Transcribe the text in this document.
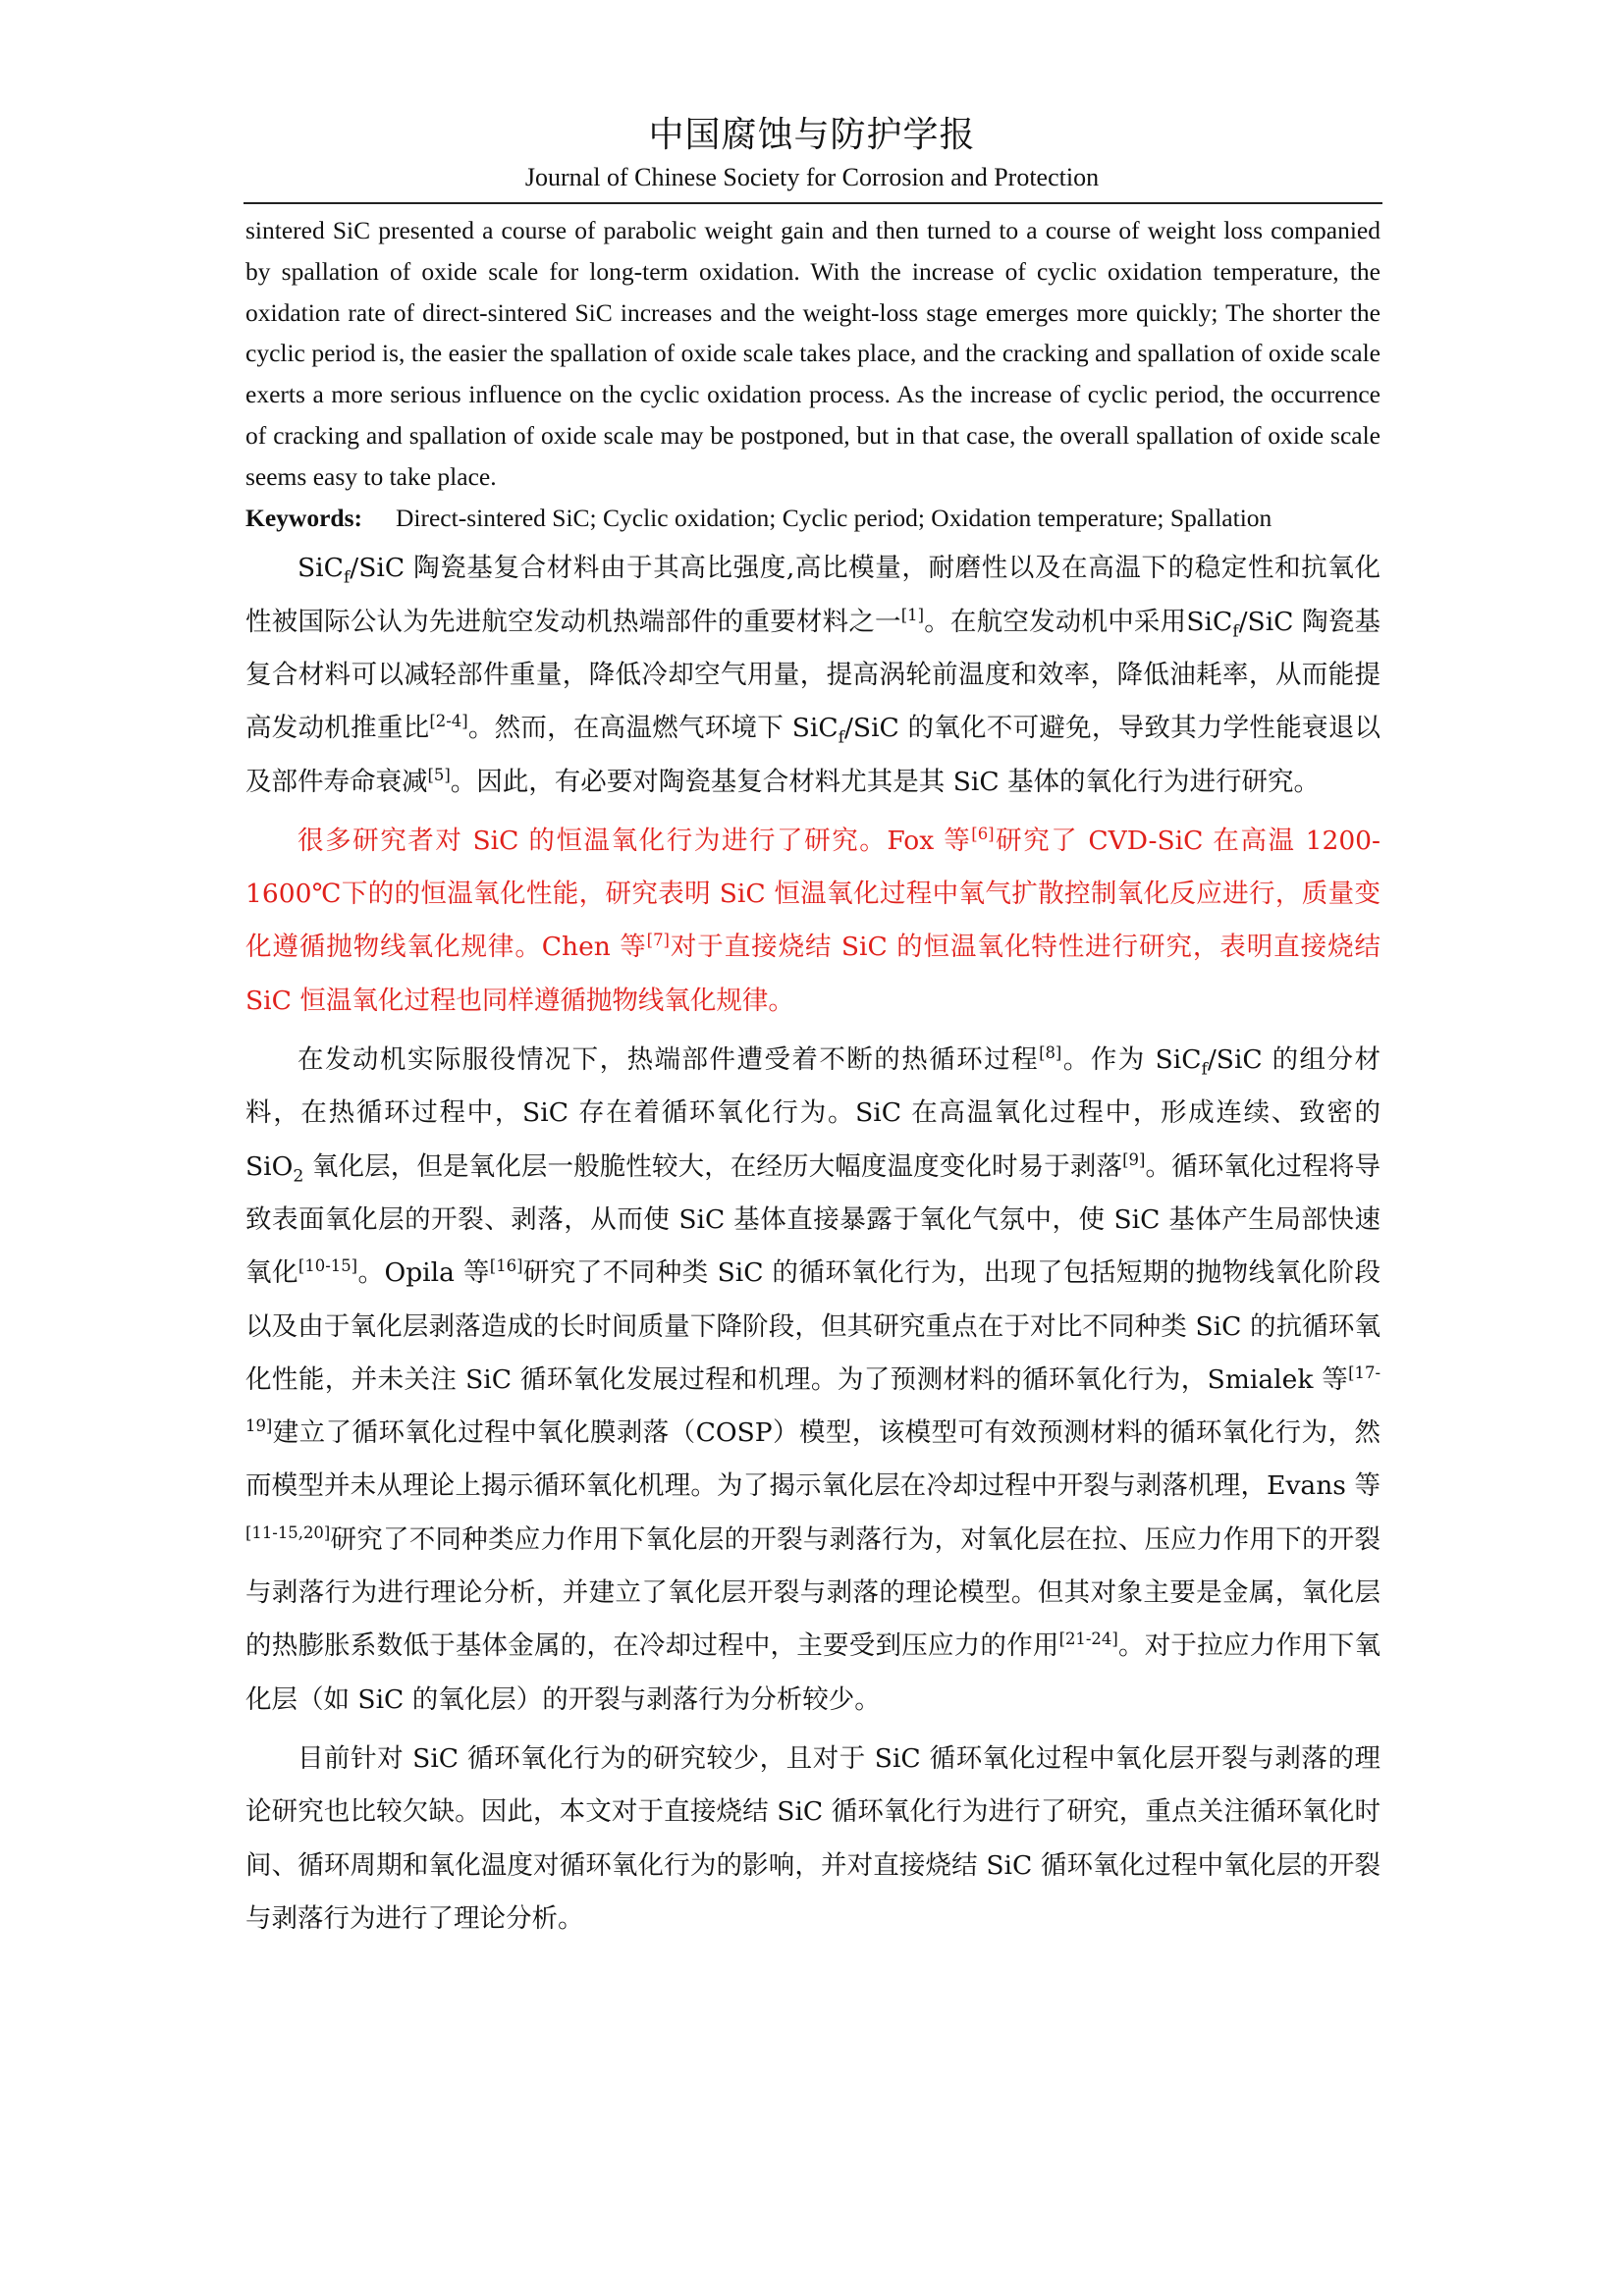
中国腐蚀与防护学报
Journal of Chinese Society for Corrosion and Protection

sintered SiC presented a course of parabolic weight gain and then turned to a course of weight loss companied by spallation of oxide scale for long-term oxidation. With the increase of cyclic oxidation temperature, the oxidation rate of direct-sintered SiC increases and the weight-loss stage emerges more quickly; The shorter the cyclic period is, the easier the spallation of oxide scale takes place, and the cracking and spallation of oxide scale exerts a more serious influence on the cyclic oxidation process. As the increase of cyclic period, the occurrence of cracking and spallation of oxide scale may be postponed, but in that case, the overall spallation of oxide scale seems easy to take place.

Keywords: Direct-sintered SiC; Cyclic oxidation; Cyclic period; Oxidation temperature; Spallation

SiC$_f$/SiC 陶瓷基复合材料由于其高比强度,高比模量，耐磨性以及在高温下的稳定性和抗氧化性被国际公认为先进航空发动机热端部件的重要材料之一[1]。在航空发动机中采用SiC$_f$/SiC 陶瓷基复合材料可以减轻部件重量，降低冷却空气用量，提高涡轮前温度和效率，降低油耗率，从而能提高发动机推重比[2-4]。然而，在高温燃气环境下 SiC$_f$/SiC 的氧化不可避免，导致其力学性能衰退以及部件寿命衰减[5]。因此，有必要对陶瓷基复合材料尤其是其 SiC 基体的氧化行为进行研究。

很多研究者对 SiC 的恒温氧化行为进行了研究。Fox 等[6]研究了 CVD-SiC 在高温 1200-1600℃下的的恒温氧化性能，研究表明 SiC 恒温氧化过程中氧气扩散控制氧化反应进行，质量变化遵循抛物线氧化规律。Chen 等[7]对于直接烧结 SiC 的恒温氧化特性进行研究，表明直接烧结 SiC 恒温氧化过程也同样遵循抛物线氧化规律。

在发动机实际服役情况下，热端部件遭受着不断的热循环过程[8]。作为 SiC$_f$/SiC 的组分材料，在热循环过程中，SiC 存在着循环氧化行为。SiC 在高温氧化过程中，形成连续、致密的 SiO$_2$ 氧化层，但是氧化层一般脆性较大，在经历大幅度温度变化时易于剥落[9]。循环氧化过程将导致表面氧化层的开裂、剥落，从而使 SiC 基体直接暴露于氧化气氛中，使 SiC 基体产生局部快速氧化[10-15]。Opila 等[16]研究了不同种类 SiC 的循环氧化行为，出现了包括短期的抛物线氧化阶段以及由于氧化层剥落造成的长时间质量下降阶段，但其研究重点在于对比不同种类 SiC 的抗循环氧化性能，并未关注 SiC 循环氧化发展过程和机理。为了预测材料的循环氧化行为，Smialek 等[17-19]建立了循环氧化过程中氧化膜剥落（COSP）模型，该模型可有效预测材料的循环氧化行为，然而模型并未从理论上揭示循环氧化机理。为了揭示氧化层在冷却过程中开裂与剥落机理，Evans 等[11-15,20]研究了不同种类应力作用下氧化层的开裂与剥落行为，对氧化层在拉、压应力作用下的开裂与剥落行为进行理论分析，并建立了氧化层开裂与剥落的理论模型。但其对象主要是金属，氧化层的热膨胀系数低于基体金属的，在冷却过程中，主要受到压应力的作用[21-24]。对于拉应力作用下氧化层（如 SiC 的氧化层）的开裂与剥落行为分析较少。

目前针对 SiC 循环氧化行为的研究较少，且对于 SiC 循环氧化过程中氧化层开裂与剥落的理论研究也比较欠缺。因此，本文对于直接烧结 SiC 循环氧化行为进行了研究，重点关注循环氧化时间、循环周期和氧化温度对循环氧化行为的影响，并对直接烧结 SiC 循环氧化过程中氧化层的开裂与剥落行为进行了理论分析。
